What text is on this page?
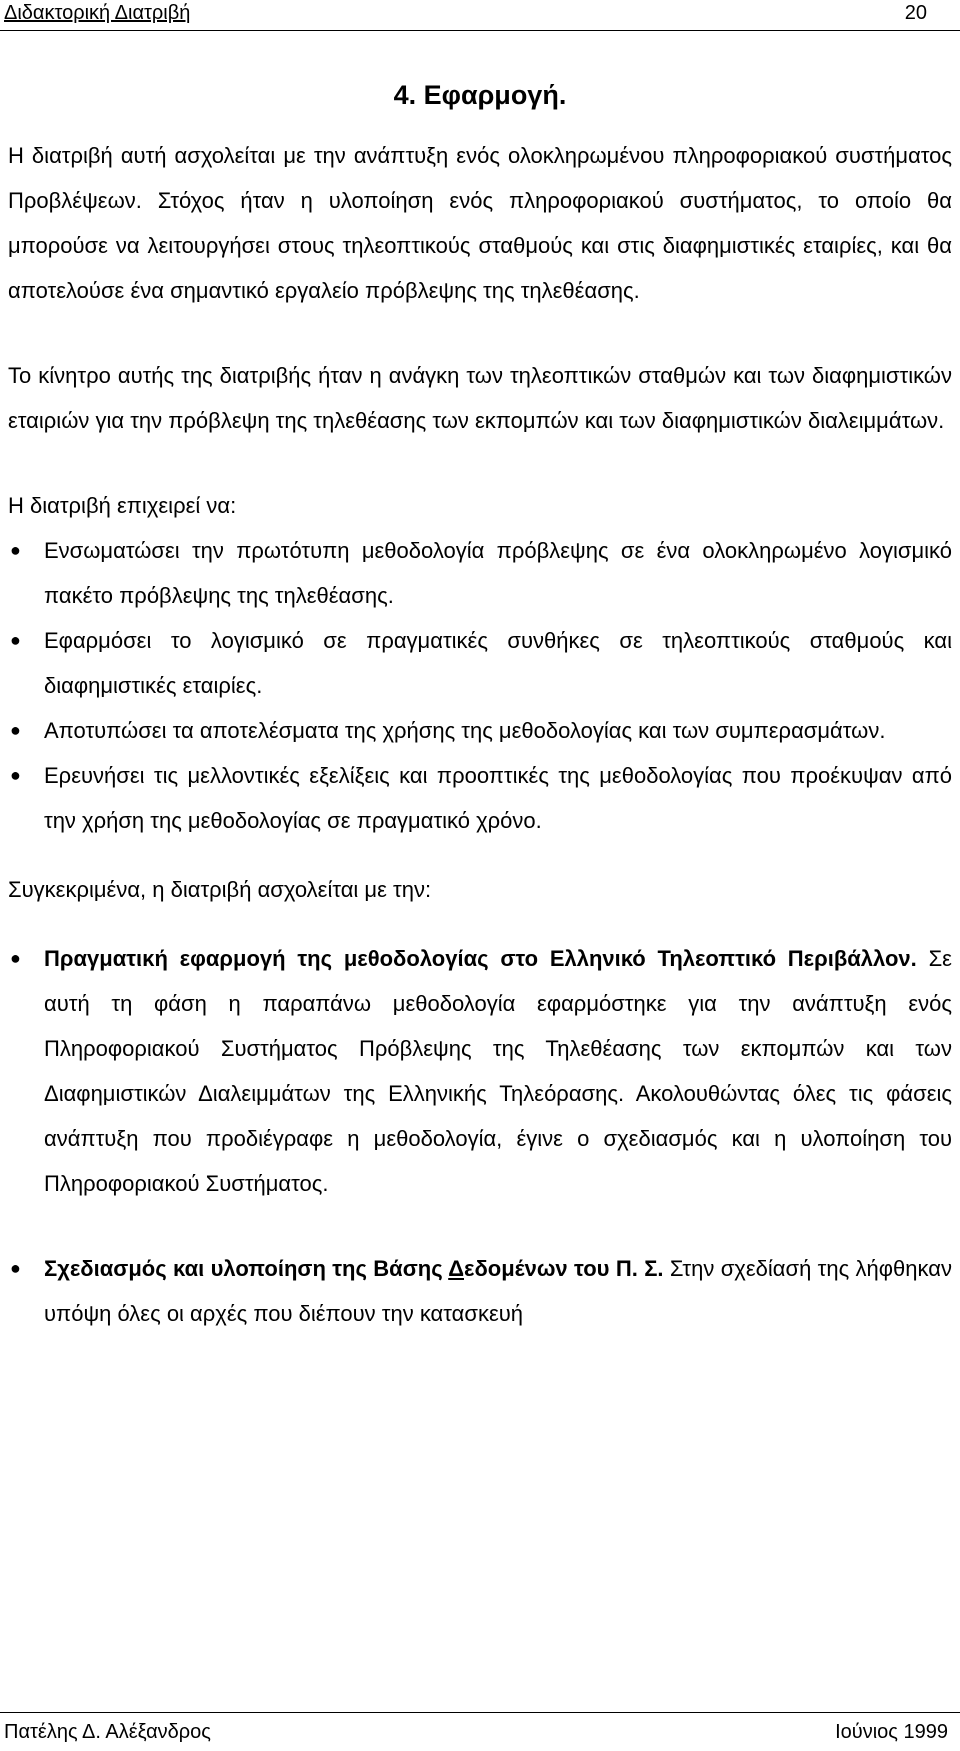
Διδακτορική Διατριβή	20
4. Εφαρμογή.

Η διατριβή αυτή ασχολείται με την ανάπτυξη ενός ολοκληρωμένου πληροφοριακού συστήματος Προβλέψεων. Στόχος ήταν η υλοποίηση ενός πληροφοριακού συστήματος, το οποίο θα μπορούσε να λειτουργήσει στους τηλεοπτικούς σταθμούς και στις διαφημιστικές εταιρίες, και θα αποτελούσε ένα σημαντικό εργαλείο πρόβλεψης της τηλεθέασης.

Το κίνητρο αυτής της διατριβής ήταν η ανάγκη των τηλεοπτικών σταθμών και των διαφημιστικών εταιριών για την πρόβλεψη της τηλεθέασης των εκπομπών και των διαφημιστικών διαλειμμάτων.

Η διατριβή επιχειρεί να:

● Ενσωματώσει την πρωτότυπη μεθοδολογία πρόβλεψης σε ένα ολοκληρωμένο λογισμικό πακέτο πρόβλεψης της τηλεθέασης.
● Εφαρμόσει το λογισμικό σε πραγματικές συνθήκες σε τηλεοπτικούς σταθμούς και διαφημιστικές εταιρίες.
● Αποτυπώσει τα αποτελέσματα της χρήσης της μεθοδολογίας και των συμπερασμάτων.
● Ερευνήσει τις μελλοντικές εξελίξεις και προοπτικές της μεθοδολογίας που προέκυψαν από την χρήση της μεθοδολογίας σε πραγματικό χρόνο.

Συγκεκριμένα, η διατριβή ασχολείται με την:

● Πραγματική εφαρμογή της μεθοδολογίας στο Ελληνικό Τηλεοπτικό Περιβάλλον. Σε αυτή τη φάση η παραπάνω μεθοδολογία εφαρμόστηκε για την ανάπτυξη ενός Πληροφοριακού Συστήματος Πρόβλεψης της Τηλεθέασης των εκπομπών και των Διαφημιστικών Διαλειμμάτων της Ελληνικής Τηλεόρασης. Ακολουθώντας όλες τις φάσεις ανάπτυξη που προδιέγραφε η μεθοδολογία, έγινε ο σχεδιασμός και η υλοποίηση του Πληροφοριακού Συστήματος.
● Σχεδιασμός και υλοποίηση της Βάσης Δεδομένων του Π. Σ. Στην σχεδίασή της λήφθηκαν υπόψη όλες οι αρχές που διέπουν την κατασκευή
Πατέλης Δ. Αλέξανδρος	Ιούνιος 1999
